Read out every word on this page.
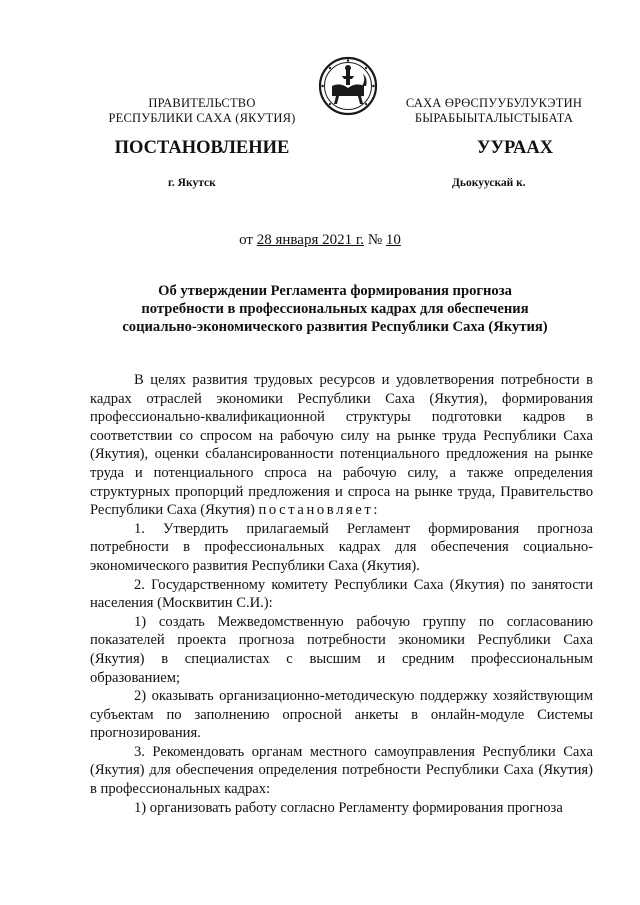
ПРАВИТЕЛЬСТВО
РЕСПУБЛИКИ САХА (ЯКУТИЯ)
САХА ӨРӨСПУУБУЛУКЭТИН
БЫРАБЫЫТАЛЫСТЫБАТА
ПОСТАНОВЛЕНИЕ	УУРААХ
г. Якутск	Дьокуускай к.
от 28 января 2021 г. № 10
Об утверждении Регламента формирования прогноза
потребности в профессиональных кадрах для обеспечения
социально-экономического развития Республики Саха (Якутия)

В целях развития трудовых ресурсов и удовлетворения потребности в кадрах отраслей экономики Республики Саха (Якутия), формирования профессионально-квалификационной структуры подготовки кадров в соответствии со спросом на рабочую силу на рынке труда Республики Саха (Якутия), оценки сбалансированности потенциального предложения на рынке труда и потенциального спроса на рабочую силу, а также определения структурных пропорций предложения и спроса на рынке труда, Правительство Республики Саха (Якутия) постановляет:

1. Утвердить прилагаемый Регламент формирования прогноза потребности в профессиональных кадрах для обеспечения социально-экономического развития Республики Саха (Якутия).

2. Государственному комитету Республики Саха (Якутия) по занятости населения (Москвитин С.И.):

1) создать Межведомственную рабочую группу по согласованию показателей проекта прогноза потребности экономики Республики Саха (Якутия) в специалистах с высшим и средним профессиональным образованием;

2) оказывать организационно-методическую поддержку хозяйствующим субъектам по заполнению опросной анкеты в онлайн-модуле Системы прогнозирования.

3. Рекомендовать органам местного самоуправления Республики Саха (Якутия) для обеспечения определения потребности Республики Саха (Якутия) в профессиональных кадрах:

1) организовать работу согласно Регламенту формирования прогноза
